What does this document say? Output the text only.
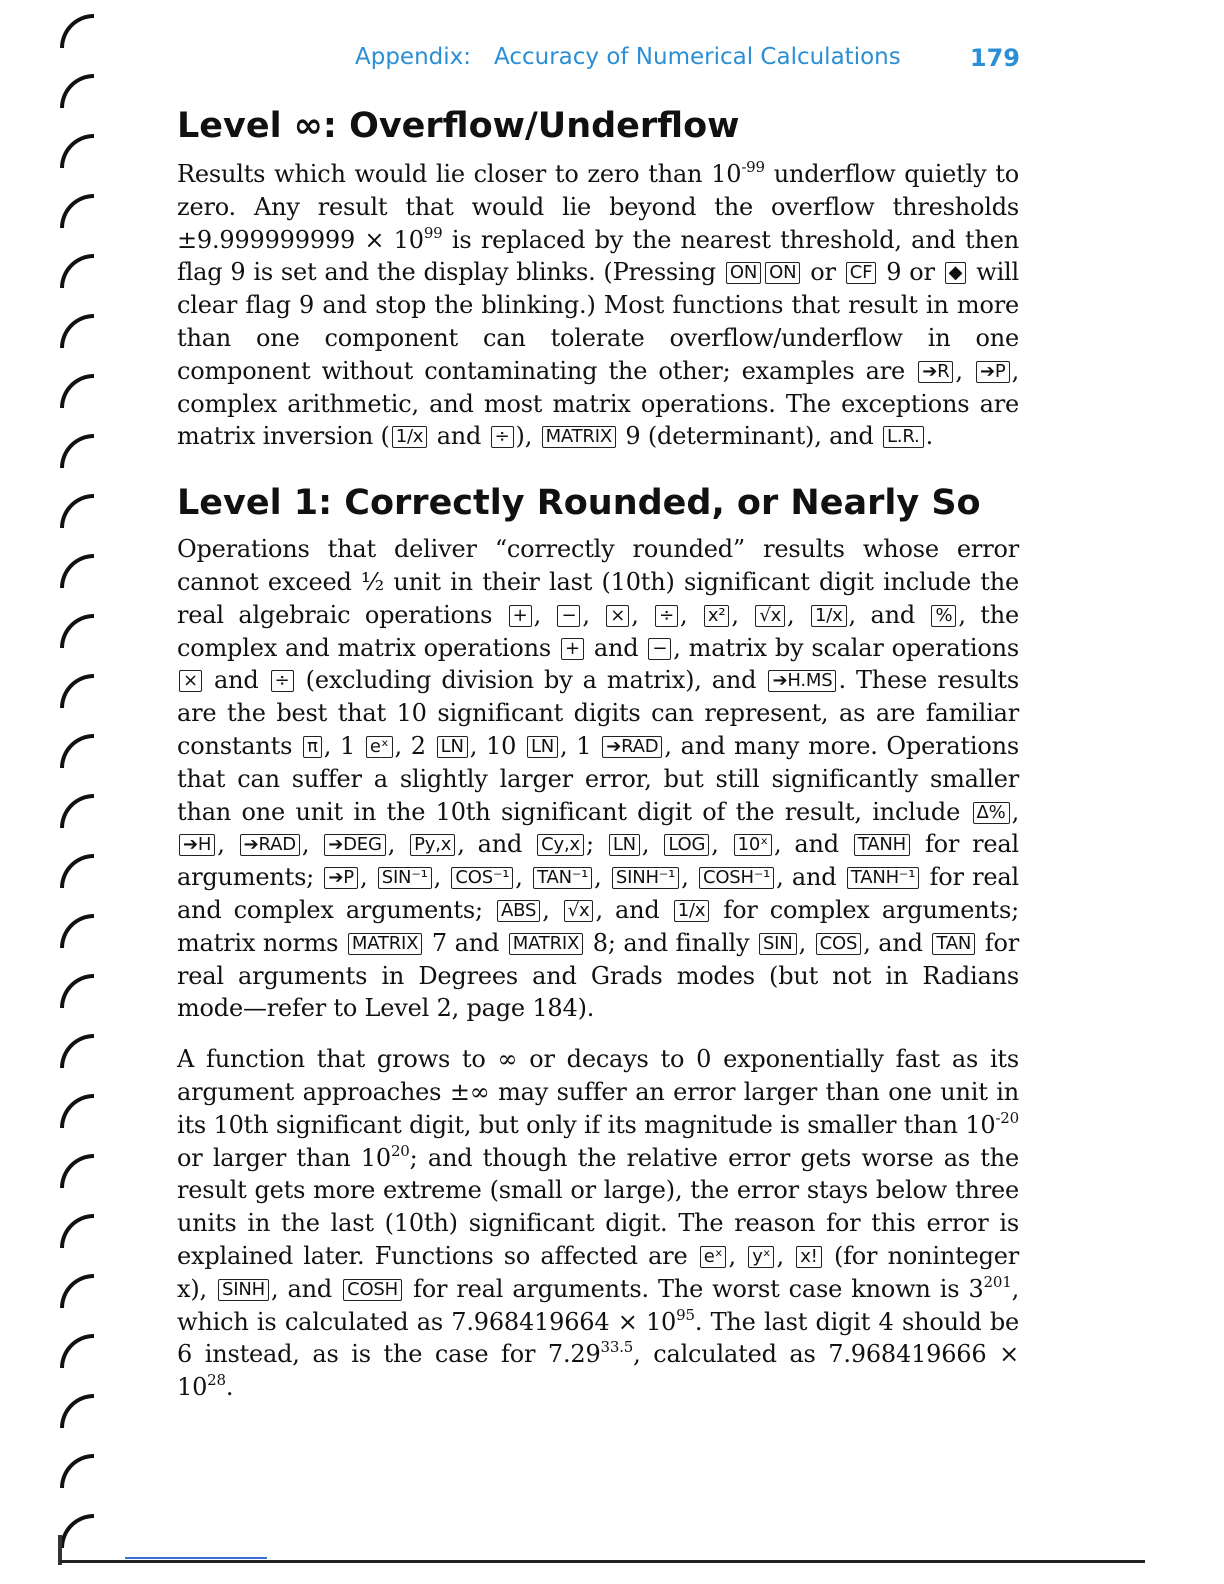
Appendix: Accuracy of Numerical Calculations	179
Level ∞: Overflow/Underflow

Results which would lie closer to zero than $10^{-99}$ underflow quietly to zero. Any result that would lie beyond the overflow thresholds $\pm 9.999999999 \times 10^{99}$ is replaced by the nearest threshold, and then flag 9 is set and the display blinks. (Pressing ON ON or CF 9 or ◆ will clear flag 9 and stop the blinking.) Most functions that result in more than one component can tolerate overflow/underflow in one component without contaminating the other; examples are ➔R , ➔P , complex arithmetic, and most matrix operations. The exceptions are matrix inversion ( 1/x and ÷ ), MATRIX 9 (determinant), and L.R. .

Level 1: Correctly Rounded, or Nearly So

Operations that deliver “correctly rounded” results whose error cannot exceed ½ unit in their last (10th) significant digit include the real algebraic operations + , − , × , ÷ , x² , √x , 1/x , and % , the complex and matrix operations + and − , matrix by scalar operations × and ÷ (excluding division by a matrix), and ➔H.MS . These results are the best that 10 significant digits can represent, as are familiar constants π , 1 eˣ , 2 LN , 10 LN , 1 ➔RAD , and many more. Operations that can suffer a slightly larger error, but still significantly smaller than one unit in the 10th significant digit of the result, include Δ% , ➔H , ➔RAD , ➔DEG , Py,x , and Cy,x ; LN , LOG , 10ˣ , and TANH for real arguments; ➔P , SIN⁻¹ , COS⁻¹ , TAN⁻¹ , SINH⁻¹ , COSH⁻¹ , and TANH⁻¹ for real and complex arguments; ABS , √x , and 1/x for complex arguments; matrix norms MATRIX 7 and MATRIX 8; and finally SIN , COS , and TAN for real arguments in Degrees and Grads modes (but not in Radians mode—refer to Level 2, page 184).

A function that grows to ∞ or decays to 0 exponentially fast as its argument approaches ±∞ may suffer an error larger than one unit in its 10th significant digit, but only if its magnitude is smaller than $10^{-20}$ or larger than $10^{20}$; and though the relative error gets worse as the result gets more extreme (small or large), the error stays below three units in the last (10th) significant digit. The reason for this error is explained later. Functions so affected are eˣ , yˣ , x! (for noninteger x), SINH , and COSH for real arguments. The worst case known is $3^{201}$, which is calculated as $7.968419664 \times 10^{95}$. The last digit 4 should be 6 instead, as is the case for $7.29^{33.5}$, calculated as $7.968419666 \times 10^{28}$.
